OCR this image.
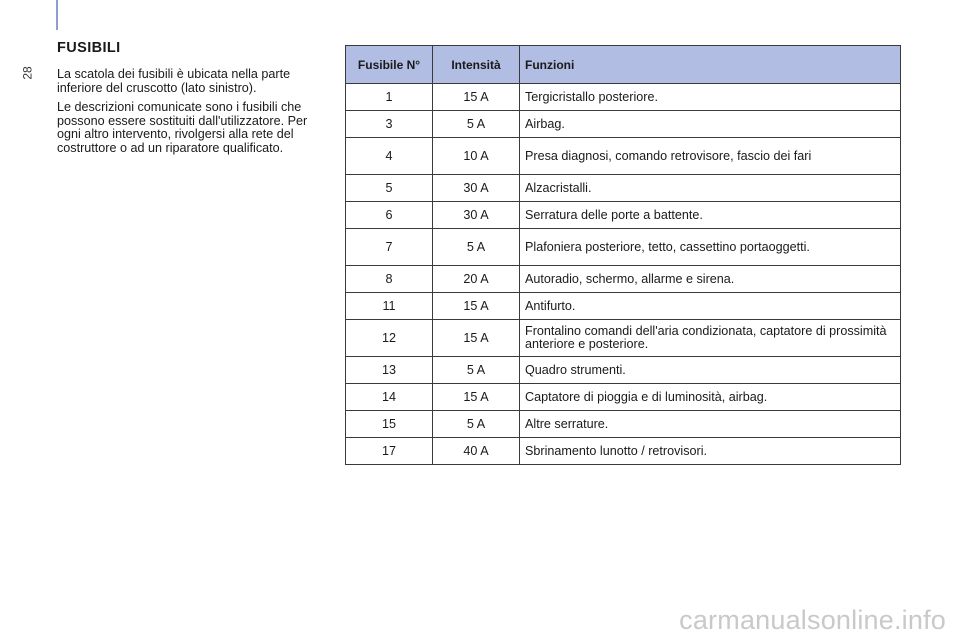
28
FUSIBILI

La scatola dei fusibili è ubicata nella parte inferiore del cruscotto (lato sinistro).

Le descrizioni comunicate sono i fusibili che possono essere sostituiti dall'utilizzatore. Per ogni altro intervento, rivolgersi alla rete del costruttore o ad un riparatore qualificato.

Fusibile N°	Intensità	Funzioni
1	15 A	Tergicristallo posteriore.
3	5 A	Airbag.
4	10 A	Presa diagnosi, comando retrovisore, fascio dei fari
5	30 A	Alzacristalli.
6	30 A	Serratura delle porte a battente.
7	5 A	Plafoniera posteriore, tetto, cassettino portaoggetti.
8	20 A	Autoradio, schermo, allarme e sirena.
11	15 A	Antifurto.
12	15 A	Frontalino comandi dell'aria condizionata, captatore di prossimità anteriore e posteriore.
13	5 A	Quadro strumenti.
14	15 A	Captatore di pioggia e di luminosità, airbag.
15	5 A	Altre serrature.
17	40 A	Sbrinamento lunotto / retrovisori.
carmanualsonline.info
